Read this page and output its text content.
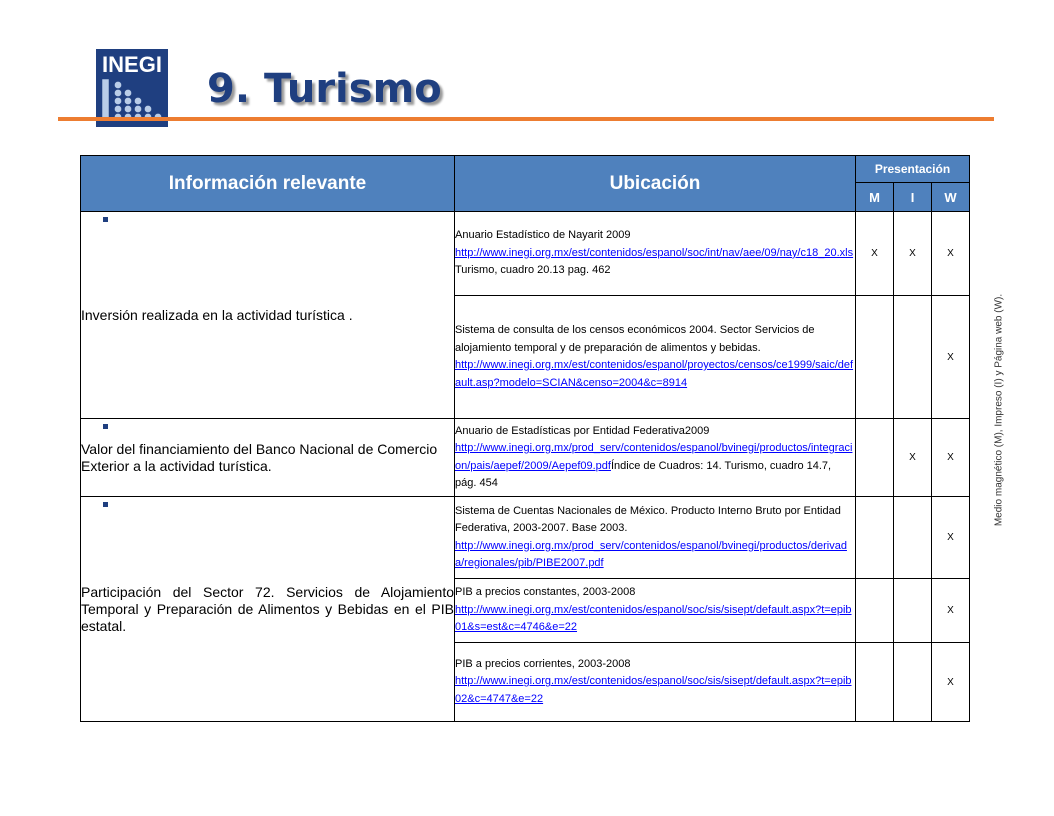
INEGI
9. Turismo
Información relevante	Ubicación	Presentación		
		M	I	W

Inversión realizada en la actividad turística .	Anuario Estadístico de Nayarit 2009
http://www.inegi.org.mx/est/contenidos/espanol/soc/int/nav/aee/09/nay/c18_20.xls
Turismo, cuadro 20.13 pag. 462	X	X	X
	Sistema de consulta de los censos económicos 2004. Sector Servicios de alojamiento temporal y de preparación de alimentos y bebidas.
http://www.inegi.org.mx/est/contenidos/espanol/proyectos/censos/ce1999/saic/default.asp?modelo=SCIAN&censo=2004&c=8914			X

Valor del financiamiento del Banco Nacional de Comercio Exterior a la actividad turística.	Anuario de Estadísticas por Entidad Federativa2009
http://www.inegi.org.mx/prod_serv/contenidos/espanol/bvinegi/productos/integracion/pais/aepef/2009/Aepef09.pdfÍndice de Cuadros: 14. Turismo, cuadro 14.7, pág. 454		X	X

Participación del Sector 72. Servicios de Alojamiento Temporal y Preparación de Alimentos y Bebidas en el PIB estatal.	Sistema de Cuentas Nacionales de México. Producto Interno Bruto por Entidad Federativa, 2003-2007. Base 2003.
http://www.inegi.org.mx/prod_serv/contenidos/espanol/bvinegi/productos/derivada/regionales/pib/PIBE2007.pdf			X
	PIB a precios constantes, 2003-2008
http://www.inegi.org.mx/est/contenidos/espanol/soc/sis/sisept/default.aspx?t=epib01&s=est&c=4746&e=22			X
	PIB a precios corrientes, 2003-2008
http://www.inegi.org.mx/est/contenidos/espanol/soc/sis/sisept/default.aspx?t=epib02&c=4747&e=22			X
Medio magnético (M), Impreso (I) y Página web (W).
